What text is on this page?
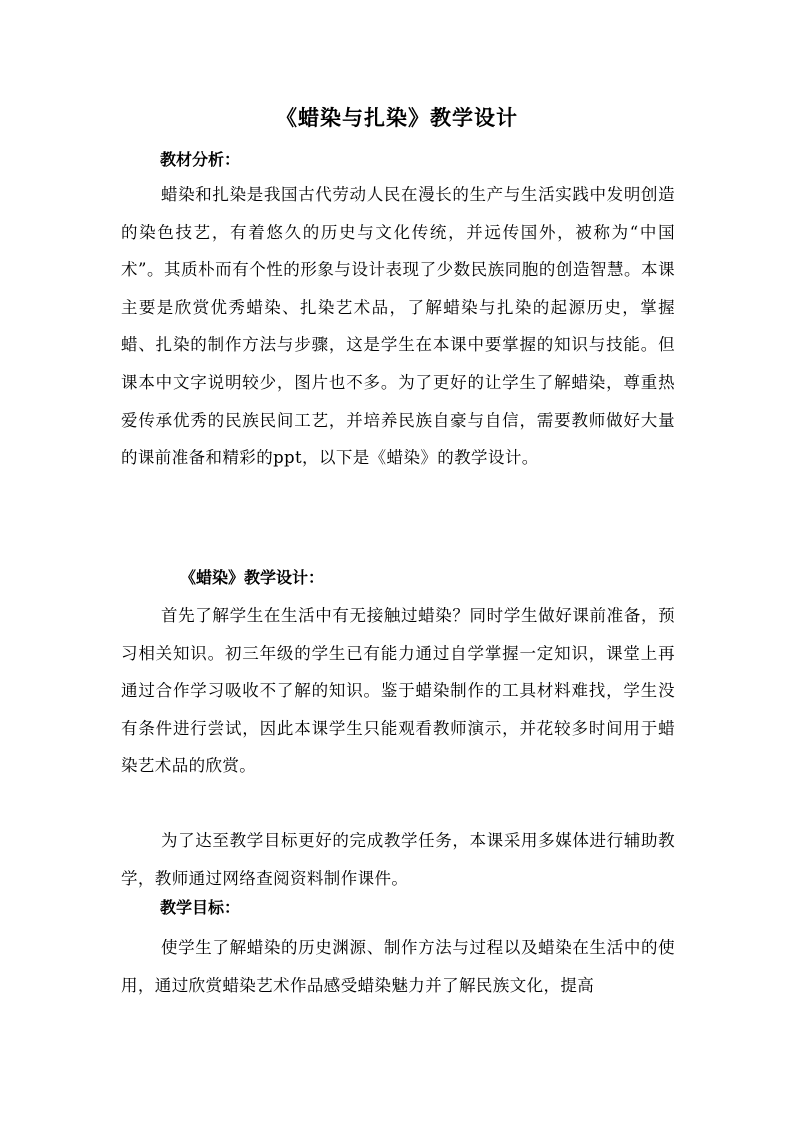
《蜡染与扎染》教学设计
教材分析：
蜡染和扎染是我国古代劳动人民在漫长的生产与生活实践中发明创造的染色技艺，有着悠久的历史与文化传统，并远传国外，被称为“中国术”。其质朴而有个性的形象与设计表现了少数民族同胞的创造智慧。本课主要是欣赏优秀蜡染、扎染艺术品，了解蜡染与扎染的起源历史，掌握蜡、扎染的制作方法与步骤，这是学生在本课中要掌握的知识与技能。但课本中文字说明较少，图片也不多。为了更好的让学生了解蜡染，尊重热爱传承优秀的民族民间工艺，并培养民族自豪与自信，需要教师做好大量的课前准备和精彩的ppt，以下是《蜡染》的教学设计。
《蜡染》教学设计：
首先了解学生在生活中有无接触过蜡染？同时学生做好课前准备，预习相关知识。初三年级的学生已有能力通过自学掌握一定知识，课堂上再通过合作学习吸收不了解的知识。鉴于蜡染制作的工具材料难找，学生没有条件进行尝试，因此本课学生只能观看教师演示，并花较多时间用于蜡染艺术品的欣赏。
为了达至教学目标更好的完成教学任务，本课采用多媒体进行辅助教学，教师通过网络查阅资料制作课件。
教学目标：
使学生了解蜡染的历史渊源、制作方法与过程以及蜡染在生活中的使用，通过欣赏蜡染艺术作品感受蜡染魅力并了解民族文化，提高
